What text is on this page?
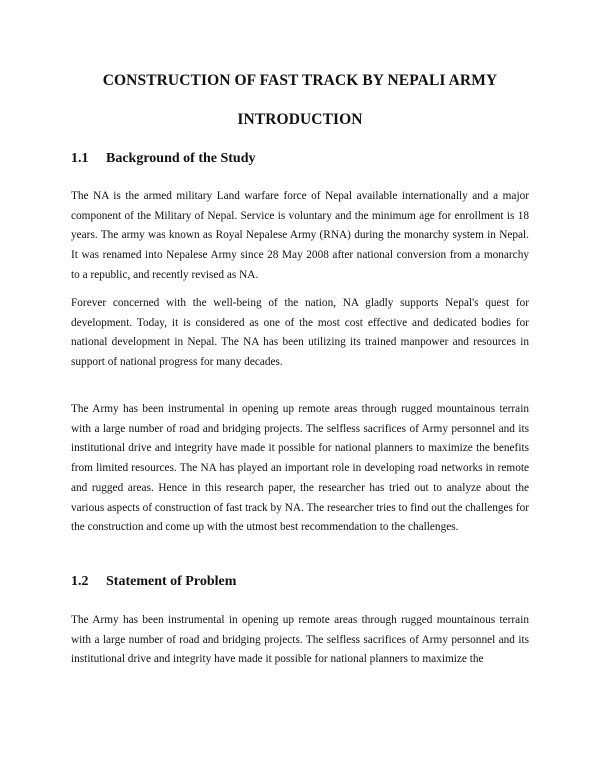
CONSTRUCTION OF FAST TRACK BY NEPALI ARMY
INTRODUCTION
1.1	Background of the Study

The NA is the armed military Land warfare force of Nepal available internationally and a major component of the Military of Nepal. Service is voluntary and the minimum age for enrollment is 18 years. The army was known as Royal Nepalese Army (RNA) during the monarchy system in Nepal. It was renamed into Nepalese Army since 28 May 2008 after national conversion from a monarchy to a republic, and recently revised as NA.

Forever concerned with the well-being of the nation, NA gladly supports Nepal's quest for development. Today, it is considered as one of the most cost effective and dedicated bodies for national development in Nepal. The NA has been utilizing its trained manpower and resources in support of national progress for many decades.

The Army has been instrumental in opening up remote areas through rugged mountainous terrain with a large number of road and bridging projects. The selfless sacrifices of Army personnel and its institutional drive and integrity have made it possible for national planners to maximize the benefits from limited resources. The NA has played an important role in developing road networks in remote and rugged areas. Hence in this research paper, the researcher has tried out to analyze about the various aspects of construction of fast track by NA. The researcher tries to find out the challenges for the construction and come up with the utmost best recommendation to the challenges.

1.2	Statement of Problem

The Army has been instrumental in opening up remote areas through rugged mountainous terrain with a large number of road and bridging projects. The selfless sacrifices of Army personnel and its institutional drive and integrity have made it possible for national planners to maximize the
